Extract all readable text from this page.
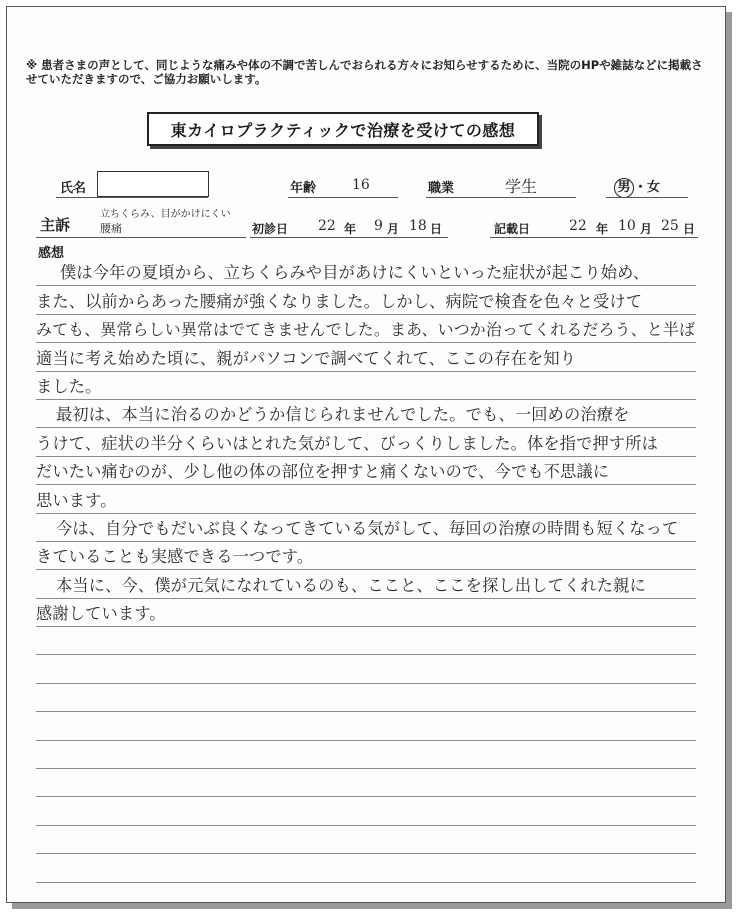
※ 患者さまの声として、同じような痛みや体の不調で苦しんでおられる方々にお知らせするために、当院のHPや雑誌などに掲載させていただきますので、ご協力お願いします。
東カイロプラクティックで治療を受けての感想
氏名	年齢	16	職業	学生	男 ・女
主訴
立ちくらみ、目がかけにくい
腰痛	初診日 22 年 9 月 18 日	記載日	22 年 10 月 25 日
感想
僕は今年の夏頃から、立ちくらみや目があけにくいといった症状が起こり始め、
また、以前からあった腰痛が強くなりました。しかし、病院で検査を色々と受けて
みても、異常らしい異常はでてきませんでした。まあ、いつか治ってくれるだろう、と半ば
適当に考え始めた頃に、親がパソコンで調べてくれて、ここの存在を知り
ました。
最初は、本当に治るのかどうか信じられませんでした。でも、一回めの治療を
うけて、症状の半分くらいはとれた気がして、びっくりしました。体を指で押す所は
だいたい痛むのが、少し他の体の部位を押すと痛くないので、今でも不思議に
思います。
今は、自分でもだいぶ良くなってきている気がして、毎回の治療の時間も短くなって
きていることも実感できる一つです。
本当に、今、僕が元気になれているのも、ここと、ここを探し出してくれた親に
感謝しています。
